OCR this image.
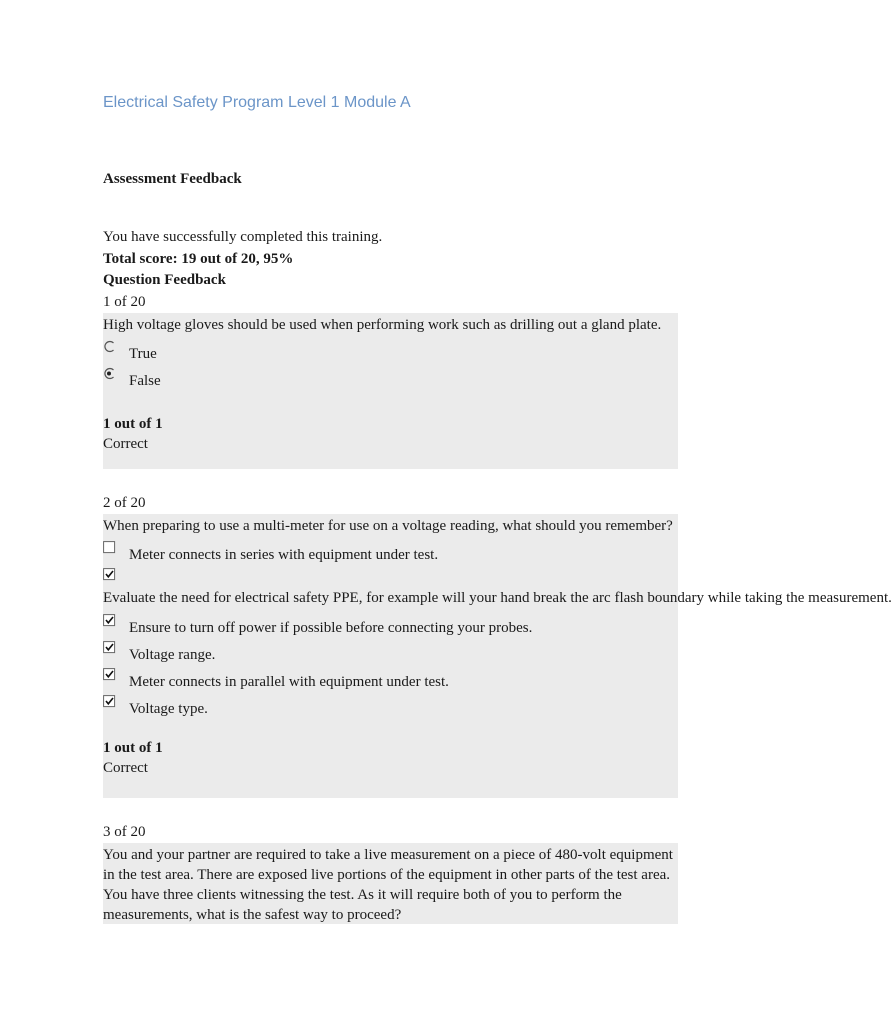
Electrical Safety Program Level 1 Module A
Assessment Feedback
You have successfully completed this training.
Total score: 19 out of 20, 95%
Question Feedback
1 of 20
High voltage gloves should be used when performing work such as drilling out a gland plate.
True
False
1 out of 1
Correct
2 of 20
When preparing to use a multi-meter for use on a voltage reading, what should you remember?
Meter connects in series with equipment under test.
Evaluate the need for electrical safety PPE, for example will your hand break the arc flash boundary while taking the measurement.
Ensure to turn off power if possible before connecting your probes.
Voltage range.
Meter connects in parallel with equipment under test.
Voltage type.
1 out of 1
Correct
3 of 20
You and your partner are required to take a live measurement on a piece of 480-volt equipment in the test area. There are exposed live portions of the equipment in other parts of the test area. You have three clients witnessing the test. As it will require both of you to perform the measurements, what is the safest way to proceed?
